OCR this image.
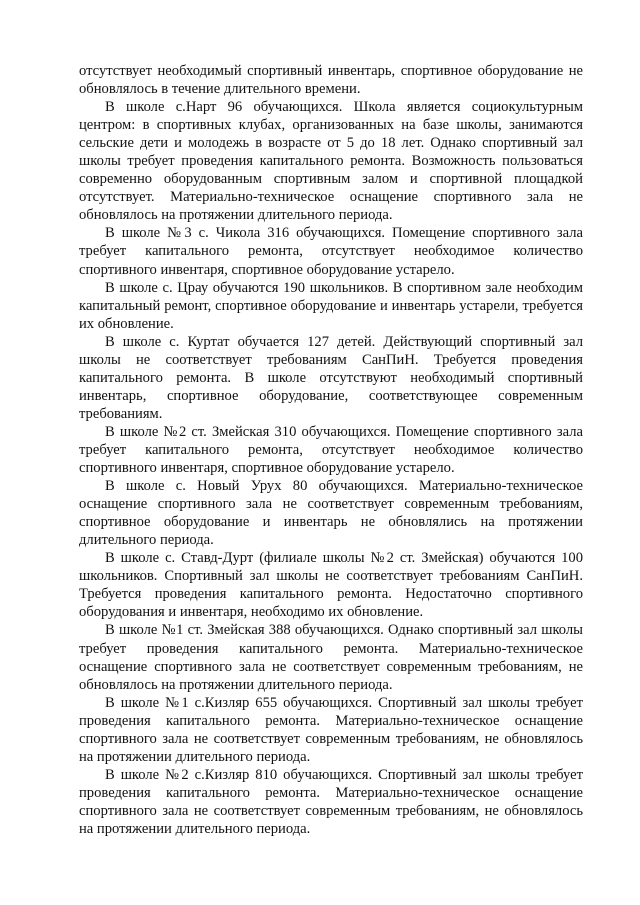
отсутствует необходимый спортивный инвентарь, спортивное оборудование не обновлялось в течение длительного времени.

В школе с.Нарт 96 обучающихся. Школа является социокультурным центром: в спортивных клубах, организованных на базе школы, занимаются сельские дети и молодежь в возрасте от 5 до 18 лет. Однако спортивный зал школы требует проведения капитального ремонта. Возможность пользоваться современно оборудованным спортивным залом и спортивной площадкой отсутствует. Материально-техническое оснащение спортивного зала не обновлялось на протяжении длительного периода.

В школе №3 с. Чикола 316 обучающихся. Помещение спортивного зала требует капитального ремонта, отсутствует необходимое количество спортивного инвентаря, спортивное оборудование устарело.

В школе с. Црау обучаются 190 школьников. В спортивном зале необходим капитальный ремонт, спортивное оборудование и инвентарь устарели, требуется их обновление.

В школе с. Куртат обучается 127 детей. Действующий спортивный зал школы не соответствует требованиям СанПиН. Требуется проведения капитального ремонта. В школе отсутствуют необходимый спортивный инвентарь, спортивное оборудование, соответствующее современным требованиям.

В школе №2 ст. Змейская 310 обучающихся. Помещение спортивного зала требует капитального ремонта, отсутствует необходимое количество спортивного инвентаря, спортивное оборудование устарело.

В школе с. Новый Урух 80 обучающихся. Материально-техническое оснащение спортивного зала не соответствует современным требованиям, спортивное оборудование и инвентарь не обновлялись на протяжении длительного периода.

В школе с. Ставд-Дурт (филиале школы №2 ст. Змейская) обучаются 100 школьников. Спортивный зал школы не соответствует требованиям СанПиН. Требуется проведения капитального ремонта. Недостаточно спортивного оборудования и инвентаря, необходимо их обновление.

В школе №1 ст. Змейская 388 обучающихся. Однако спортивный зал школы требует проведения капитального ремонта. Материально-техническое оснащение спортивного зала не соответствует современным требованиям, не обновлялось на протяжении длительного периода.

В школе №1 с.Кизляр 655 обучающихся. Спортивный зал школы требует проведения капитального ремонта. Материально-техническое оснащение спортивного зала не соответствует современным требованиям, не обновлялось на протяжении длительного периода.

В школе №2 с.Кизляр 810 обучающихся. Спортивный зал школы требует проведения капитального ремонта. Материально-техническое оснащение спортивного зала не соответствует современным требованиям, не обновлялось на протяжении длительного периода.
